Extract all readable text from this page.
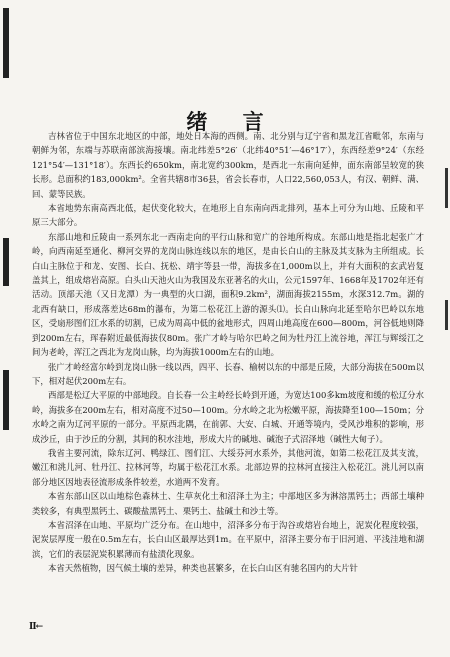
绪 言

吉林省位于中国东北地区的中部，地处日本海的西侧。南、北分别与辽宁省和黑龙江省毗邻，东南与朝鲜为邻，东端与苏联南部滨海接壤。南北纬差5°26′（北纬40°51′—46°17′），东西经差9°24′（东经121°54′—131°18′）。东西长约650km，南北宽约300km，是西北一东南向延伸，面东南部呈较宽的狭长形。总面积约183,000km²。全省共辖8市36县，省会长春市，人口22,560,053人，有汉、朝鲜、满、回、蒙等民族。

本省地势东南高西北低，起伏变化较大，在地形上自东南向西北排列，基本上可分为山地、丘陵和平原三大部分。

东部山地和丘陵由一系列东北一西南走向的平行山脉和宽广的谷地所构成。东部山地是指北起张广才岭，向西南延至通化、柳河交界的龙岗山脉连线以东的地区，是由长白山的主脉及其支脉为主所组成。长白山主脉位于和龙、安图、长白、抚松、靖宇等县一带，海拔多在1,000m以上，并有大面积的玄武岩复盖其上，组成熔岩高原。白头山天池火山为我国及东亚著名的火山，公元1597年、1668年及1702年还有活动。顶部天池（又日龙潭）为一典型的火口湖，面积9.2km²，湖面海拔2155m，水深312.7m。湖的北西有缺口，形成落差达68m的瀑布，为第二松花江上游的源头⑴。长白山脉向北延至哈尔巴岭以东地区，受扇形图们江水系的切割，已成为周高中低的盆地形式，四周山地高度在600—800m，河谷低地则降到200m左右，珲春附近最低海拔仅80m。张广才岭与哈尔巴岭之间为牡丹江上流谷地，浑江与辉绥江之间为老岭，浑江之西北为龙岗山脉，均为海拔1000m左右的山地。

张广才岭经富尔岭到龙岗山脉一线以西，四平、长春、榆树以东的中部是丘陵，大部分海拔在500m以下，相对起伏200m左右。

西部是松辽大平原的中部地段。自长春一公主岭经长岭到开通，为宽达100多km坡度和缓的松辽分水岭，海拔多在200m左右，相对高度不过50—100m。分水岭之北为松嫩平原，海拔降至100—150m；分水岭之南为辽河平原的一部分。平原西北隅，在前郭、大安、白城、开通等境内，受风沙堆积的影响，形成沙丘，由于沙丘的分割，其间的积水洼地，形成大片的碱地、碱泡子式沼泽地（碱性大甸子）。

我省主要河流，除东辽河、鸭绿江、图们江、大绥芬河水系外，其他河流，如第二松花江及其支流，嫩江和洮儿河、牡丹江、拉林河等，均属于松花江水系。北部边界的拉林河直接注入松花江。洮儿河以南部分地区因地表径流形成条件较差，水道两不发育。

本省东部山区以山地棕色森林土、生草灰化土和沼泽土为主；中部地区多为淋溶黑钙土；西部土壤种类较多，有典型黑钙土、碳酸盐黑钙土、栗钙土、盐碱土和沙土等。

本省沼泽在山地、平原均广泛分布。在山地中，沼泽多分布于沟谷或熔岩台地上，泥炭化程度较强，泥炭层厚度一般在0.5m左右，长白山区最厚达到1m。在平原中，沼泽主要分布于旧河道、平浅洼地和湖滨，它们的表层泥炭积累薄而有盐渍化现象。

本省天然植物，因气候土壤的差异，种类也甚繁多，在长白山区有驰名国内的大片针

Ⅱ←
